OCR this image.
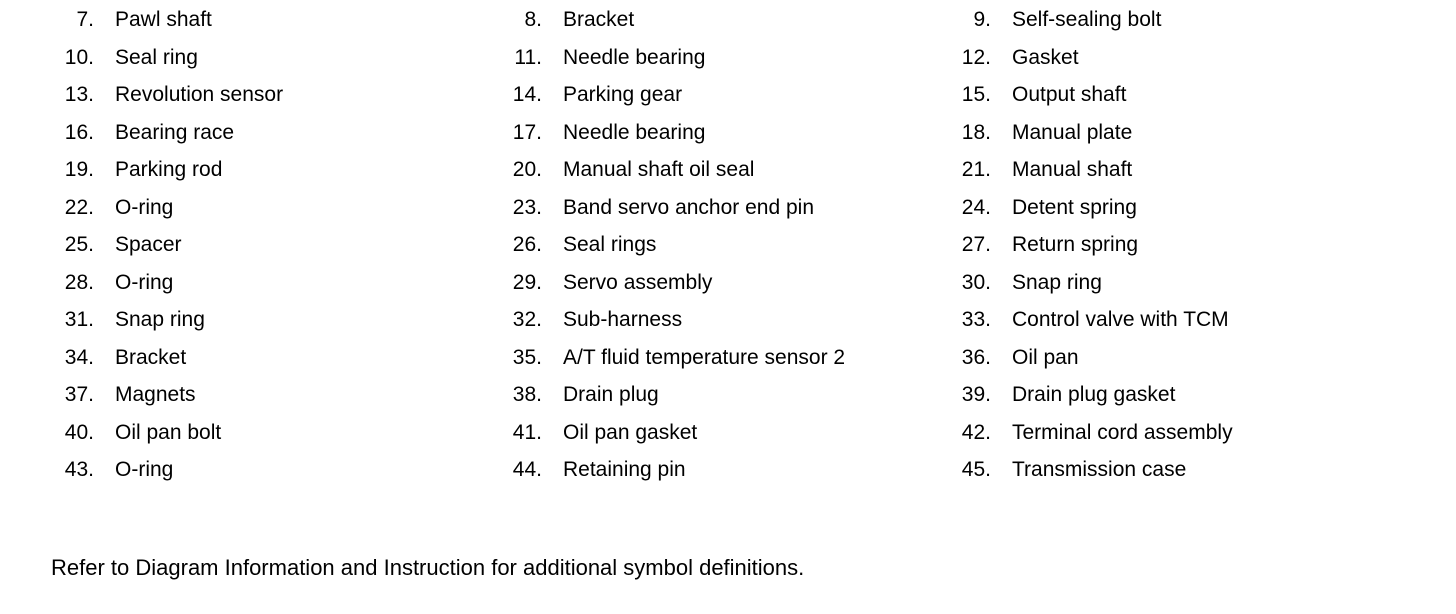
7. Pawl shaft	8. Bracket	9. Self-sealing bolt
10. Seal ring	11. Needle bearing	12. Gasket
13. Revolution sensor	14. Parking gear	15. Output shaft
16. Bearing race	17. Needle bearing	18. Manual plate
19. Parking rod	20. Manual shaft oil seal	21. Manual shaft
22. O-ring	23. Band servo anchor end pin	24. Detent spring
25. Spacer	26. Seal rings	27. Return spring
28. O-ring	29. Servo assembly	30. Snap ring
31. Snap ring	32. Sub-harness	33. Control valve with TCM
34. Bracket	35. A/T fluid temperature sensor 2	36. Oil pan
37. Magnets	38. Drain plug	39. Drain plug gasket
40. Oil pan bolt	41. Oil pan gasket	42. Terminal cord assembly
43. O-ring	44. Retaining pin	45. Transmission case
Refer to Diagram Information and Instruction for additional symbol definitions.
